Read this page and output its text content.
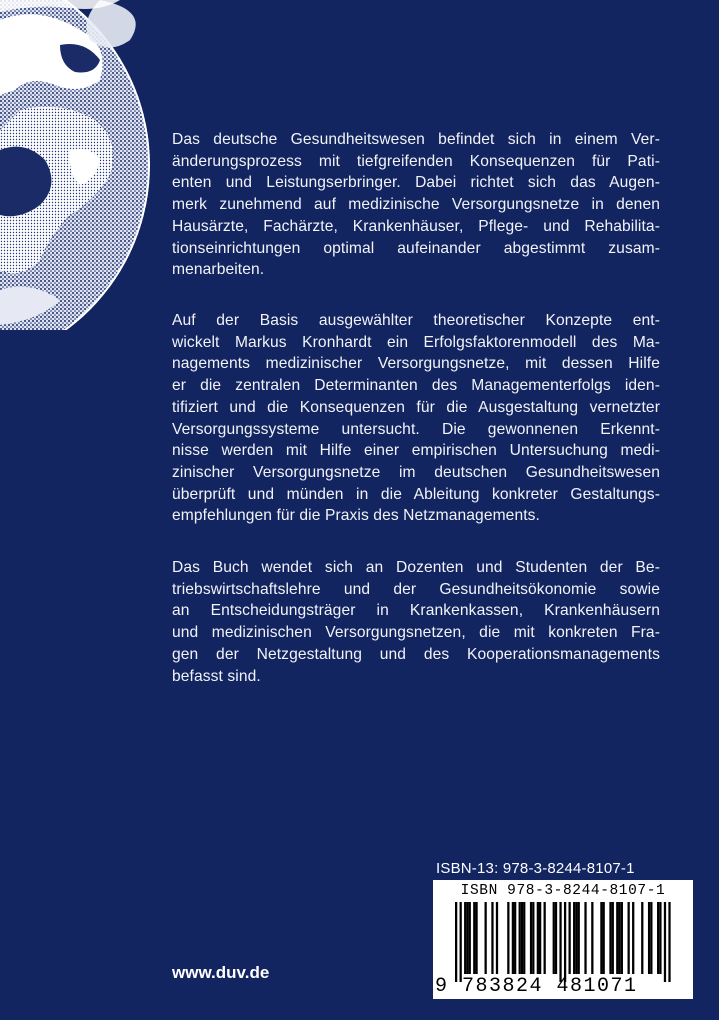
Das deutsche Gesundheitswesen befindet sich in einem Ver-
änderungsprozess mit tiefgreifenden Konsequenzen für Pati-
enten und Leistungserbringer. Dabei richtet sich das Augen-
merk zunehmend auf medizinische Versorgungsnetze in denen
Hausärzte, Fachärzte, Krankenhäuser, Pflege- und Rehabilita-
tionseinrichtungen optimal aufeinander abgestimmt zusam-
menarbeiten.
Auf der Basis ausgewählter theoretischer Konzepte ent-
wickelt Markus Kronhardt ein Erfolgsfaktorenmodell des Ma-
nagements medizinischer Versorgungsnetze, mit dessen Hilfe
er die zentralen Determinanten des Managementerfolgs iden-
tifiziert und die Konsequenzen für die Ausgestaltung vernetzter
Versorgungssysteme untersucht. Die gewonnenen Erkennt-
nisse werden mit Hilfe einer empirischen Untersuchung medi-
zinischer Versorgungsnetze im deutschen Gesundheitswesen
überprüft und münden in die Ableitung konkreter Gestaltungs-
empfehlungen für die Praxis des Netzmanagements.
Das Buch wendet sich an Dozenten und Studenten der Be-
triebswirtschaftslehre und der Gesundheitsökonomie sowie
an Entscheidungsträger in Krankenkassen, Krankenhäusern
und medizinischen Versorgungsnetzen, die mit konkreten Fra-
gen der Netzgestaltung und des Kooperationsmanagements
befasst sind.
ISBN-13: 978-3-8244-8107-1
ISBN 978-3-8244-8107-1
9 783824 481071
www.duv.de
